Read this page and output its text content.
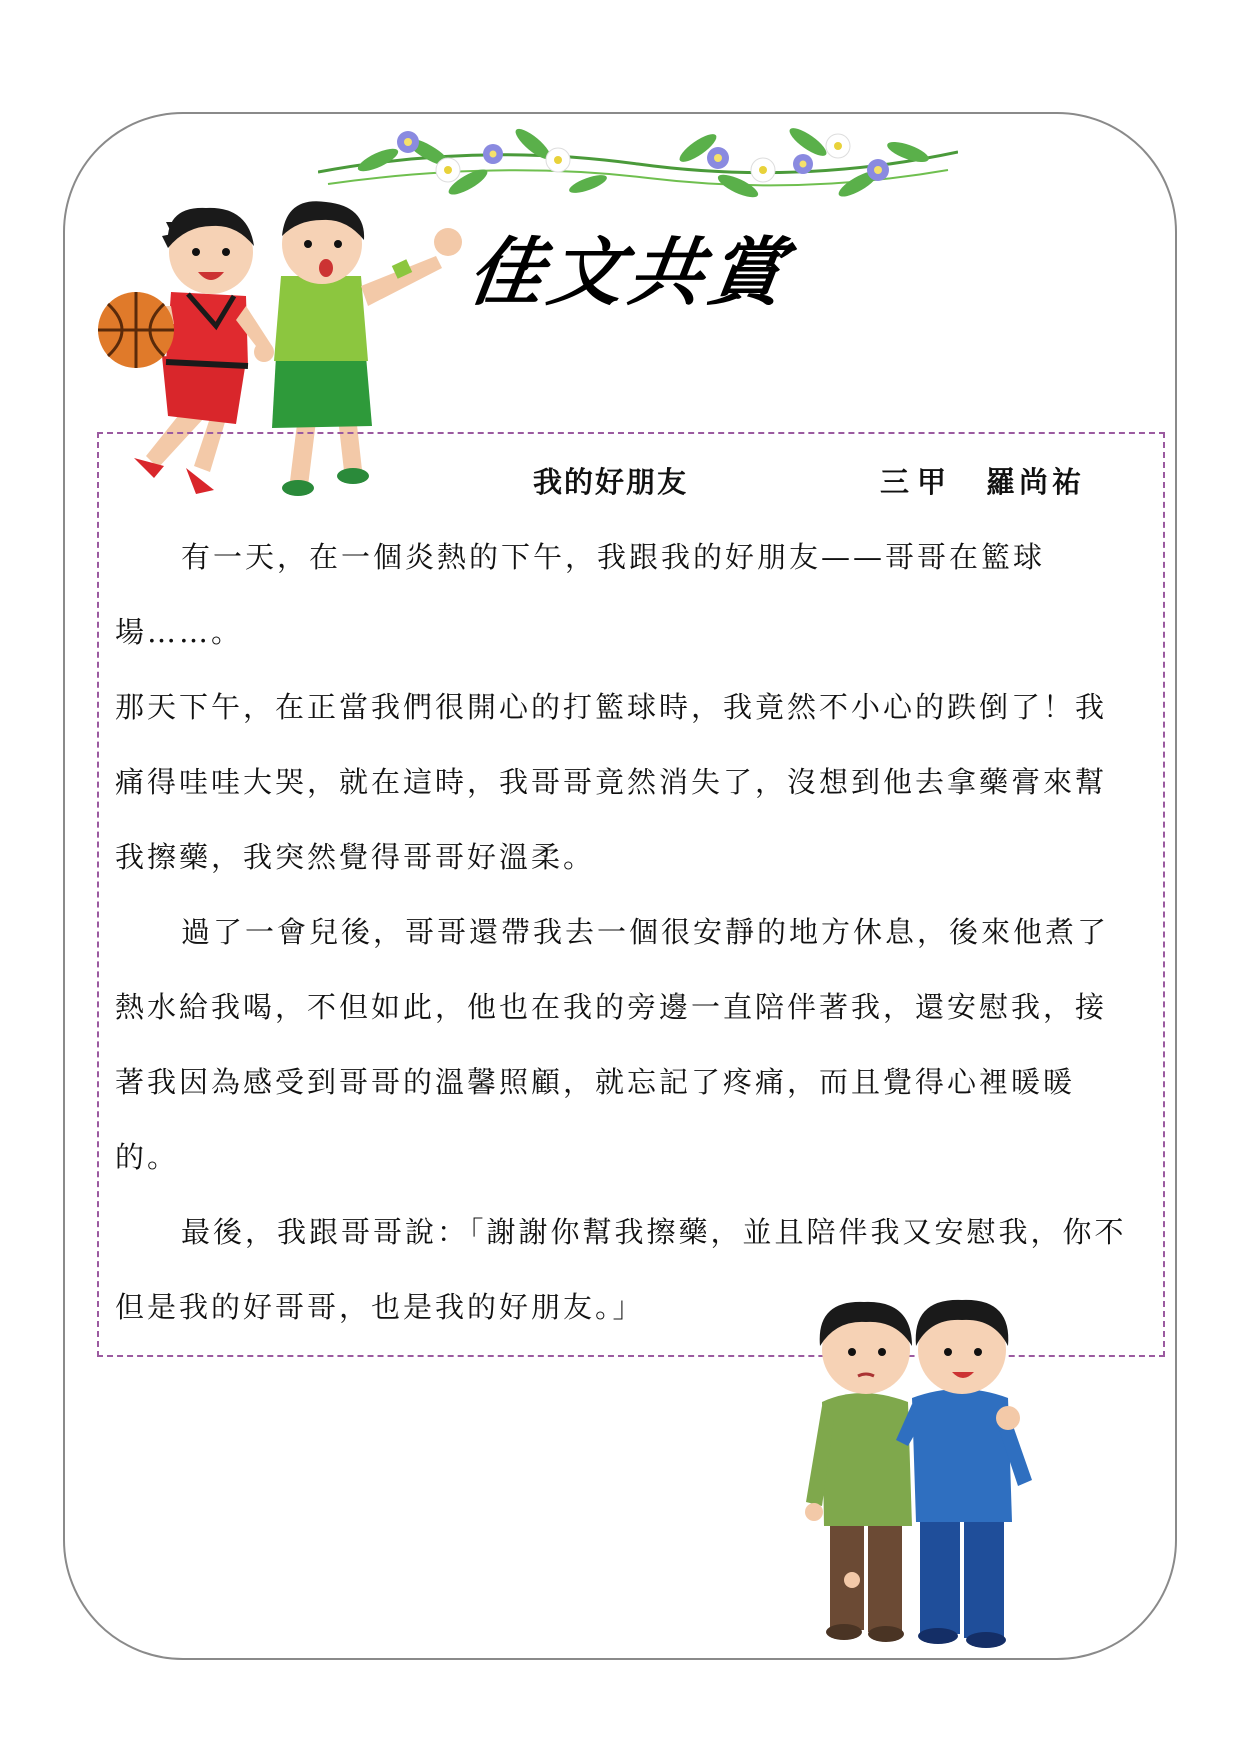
佳文共賞
我的好朋友	三甲 羅尚祐

有一天，在一個炎熱的下午，我跟我的好朋友——哥哥在籃球場……。

那天下午，在正當我們很開心的打籃球時，我竟然不小心的跌倒了！我痛得哇哇大哭，就在這時，我哥哥竟然消失了，沒想到他去拿藥膏來幫我擦藥，我突然覺得哥哥好溫柔。

過了一會兒後，哥哥還帶我去一個很安靜的地方休息，後來他煮了熱水給我喝，不但如此，他也在我的旁邊一直陪伴著我，還安慰我，接著我因為感受到哥哥的溫馨照顧，就忘記了疼痛，而且覺得心裡暖暖的。

最後，我跟哥哥說：「謝謝你幫我擦藥，並且陪伴我又安慰我，你不但是我的好哥哥，也是我的好朋友。」
